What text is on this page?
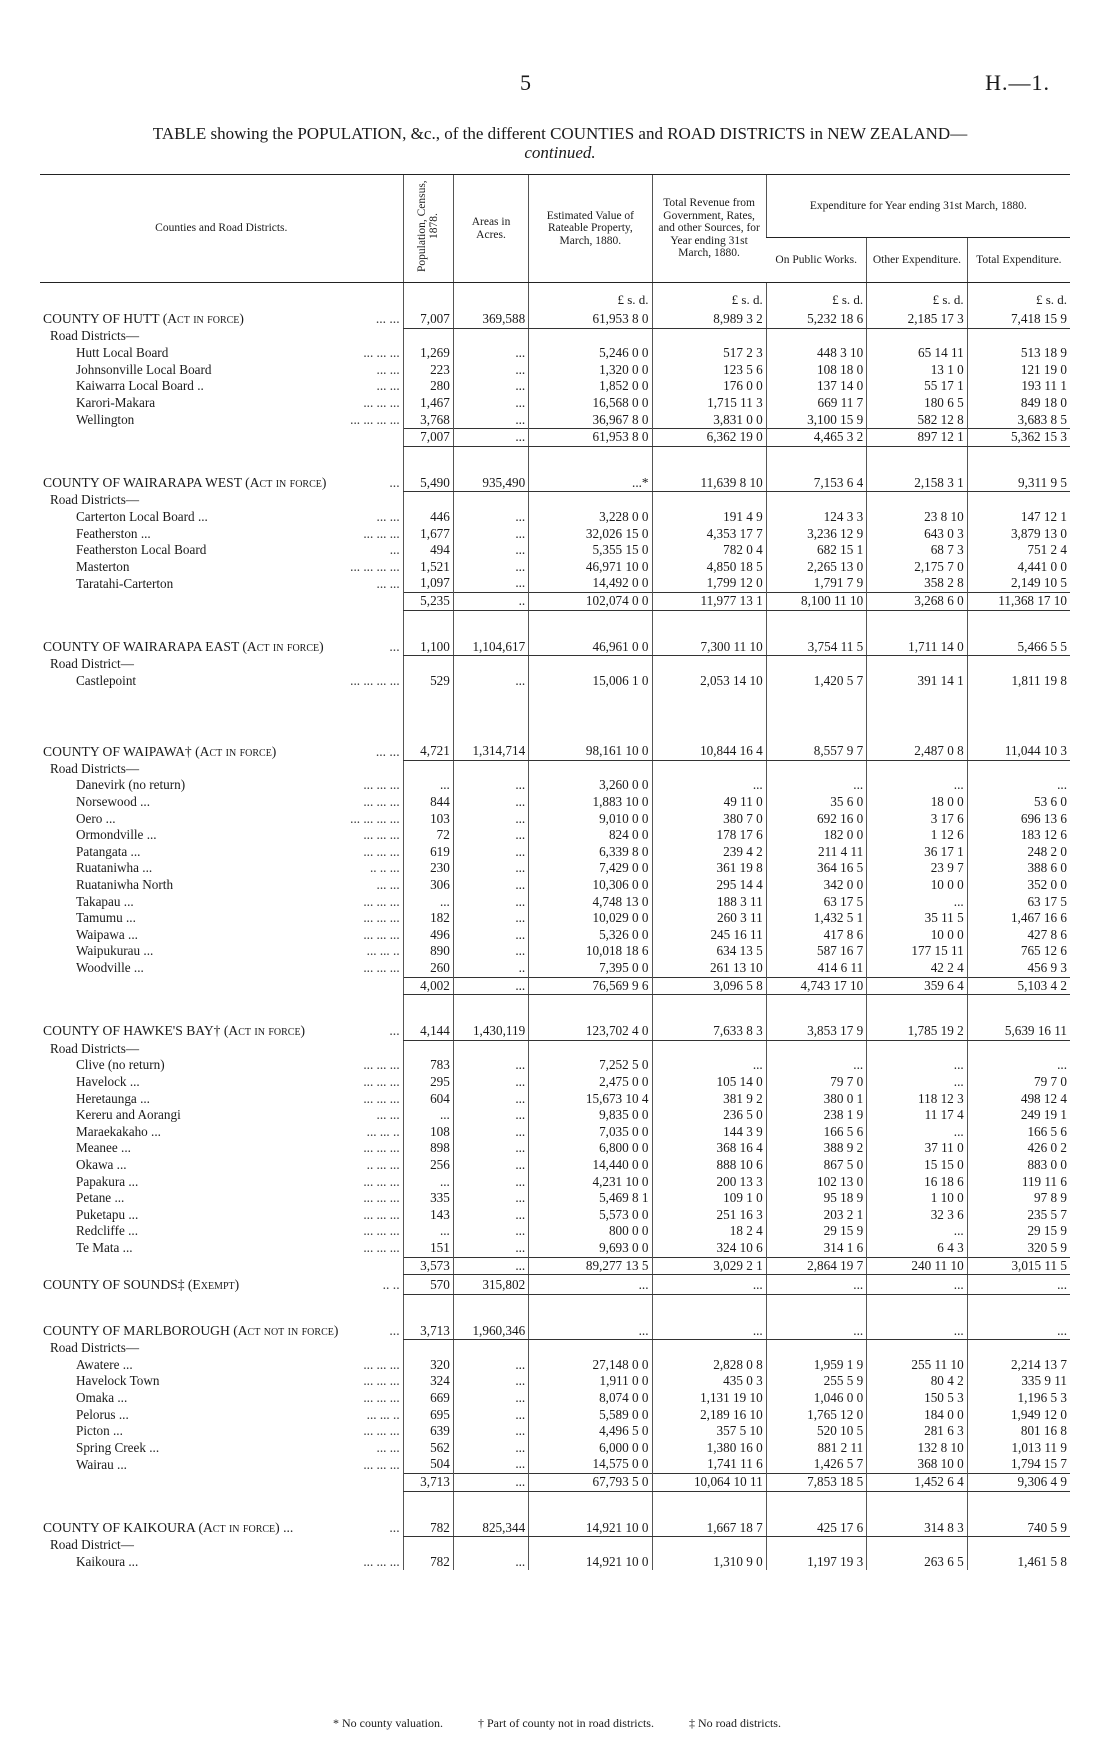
5	H.—1.
TABLE showing the POPULATION, &c., of the different COUNTIES and ROAD DISTRICTS in NEW ZEALAND—
continued.
Counties and Road Districts.	Population, Census, 1878.	Areas in Acres.	Estimated Value of Rateable Property, March, 1880.	Total Revenue from Government, Rates, and other Sources, for Year ending 31st March, 1880.	Expenditure for Year ending 31st March, 1880.		
					On Public Works.	Other Expenditure.	Total Expenditure.
			£ s. d.	£ s. d.	£ s. d.	£ s. d.	£ s. d.
COUNTY OF HUTT (Act in force) ... ...	7,007	369,588	61,953 8 0	8,989 3 2	5,232 18 6	2,185 17 3	7,418 15 9
Road Districts—							
Hutt Local Board ... ... ...	1,269	...	5,246 0 0	517 2 3	448 3 10	65 14 11	513 18 9
Johnsonville Local Board ... ...	223	...	1,320 0 0	123 5 6	108 18 0	13 1 0	121 19 0
Kaiwarra Local Board .. ... ...	280	...	1,852 0 0	176 0 0	137 14 0	55 17 1	193 11 1
Karori-Makara ... ... ...	1,467	...	16,568 0 0	1,715 11 3	669 11 7	180 6 5	849 18 0
Wellington ... ... ... ...	3,768	...	36,967 8 0	3,831 0 0	3,100 15 9	582 12 8	3,683 8 5
	7,007	...	61,953 8 0	6,362 19 0	4,465 3 2	897 12 1	5,362 15 3

COUNTY OF WAIRARAPA WEST (Act in force) ...	5,490	935,490	...*	11,639 8 10	7,153 6 4	2,158 3 1	9,311 9 5
Road Districts—							
Carterton Local Board ... ... ...	446	...	3,228 0 0	191 4 9	124 3 3	23 8 10	147 12 1
Featherston ... ... ... ...	1,677	...	32,026 15 0	4,353 17 7	3,236 12 9	643 0 3	3,879 13 0
Featherston Local Board ...	494	...	5,355 15 0	782 0 4	682 15 1	68 7 3	751 2 4
Masterton ... ... ... ...	1,521	...	46,971 10 0	4,850 18 5	2,265 13 0	2,175 7 0	4,441 0 0
Taratahi-Carterton ... ...	1,097	...	14,492 0 0	1,799 12 0	1,791 7 9	358 2 8	2,149 10 5
	5,235	..	102,074 0 0	11,977 13 1	8,100 11 10	3,268 6 0	11,368 17 10

COUNTY OF WAIRARAPA EAST (Act in force) ...	1,100	1,104,617	46,961 0 0	7,300 11 10	3,754 11 5	1,711 14 0	5,466 5 5
Road District—							
Castlepoint ... ... ... ...	529	...	15,006 1 0	2,053 14 10	1,420 5 7	391 14 1	1,811 19 8

COUNTY OF WAIPAWA† (Act in force) ... ...	4,721	1,314,714	98,161 10 0	10,844 16 4	8,557 9 7	2,487 0 8	11,044 10 3
Road Districts—							
Danevirk (no return) ... ... ...	...	...	3,260 0 0	...	...	...	...
Norsewood ... ... ... ...	844	...	1,883 10 0	49 11 0	35 6 0	18 0 0	53 6 0
Oero ... ... ... ... ...	103	...	9,010 0 0	380 7 0	692 16 0	3 17 6	696 13 6
Ormondville ... ... ... ...	72	...	824 0 0	178 17 6	182 0 0	1 12 6	183 12 6
Patangata ... ... ... ...	619	...	6,339 8 0	239 4 2	211 4 11	36 17 1	248 2 0
Ruataniwha ... .. .. ...	230	...	7,429 0 0	361 19 8	364 16 5	23 9 7	388 6 0
Ruataniwha North ... ...	306	...	10,306 0 0	295 14 4	342 0 0	10 0 0	352 0 0
Takapau ... ... ... ...	...	...	4,748 13 0	188 3 11	63 17 5	...	63 17 5
Tamumu ... ... ... ...	182	...	10,029 0 0	260 3 11	1,432 5 1	35 11 5	1,467 16 6
Waipawa ... ... ... ...	496	...	5,326 0 0	245 16 11	417 8 6	10 0 0	427 8 6
Waipukurau ... ... ... ..	890	...	10,018 18 6	634 13 5	587 16 7	177 15 11	765 12 6
Woodville ... ... ... ...	260	..	7,395 0 0	261 13 10	414 6 11	42 2 4	456 9 3
	4,002	...	76,569 9 6	3,096 5 8	4,743 17 10	359 6 4	5,103 4 2

COUNTY OF HAWKE'S BAY† (Act in force) ...	4,144	1,430,119	123,702 4 0	7,633 8 3	3,853 17 9	1,785 19 2	5,639 16 11
Road Districts—							
Clive (no return) ... ... ...	783	...	7,252 5 0	...	...	...	...
Havelock ... ... ... ...	295	...	2,475 0 0	105 14 0	79 7 0	...	79 7 0
Heretaunga ... ... ... ...	604	...	15,673 10 4	381 9 2	380 0 1	118 12 3	498 12 4
Kereru and Aorangi ... ...	...	...	9,835 0 0	236 5 0	238 1 9	11 17 4	249 19 1
Maraekakaho ... ... ... ..	108	...	7,035 0 0	144 3 9	166 5 6	...	166 5 6
Meanee ... ... ... ...	898	...	6,800 0 0	368 16 4	388 9 2	37 11 0	426 0 2
Okawa ... .. ... ...	256	...	14,440 0 0	888 10 6	867 5 0	15 15 0	883 0 0
Papakura ... ... ... ...	...	...	4,231 10 0	200 13 3	102 13 0	16 18 6	119 11 6
Petane ... ... ... ...	335	...	5,469 8 1	109 1 0	95 18 9	1 10 0	97 8 9
Puketapu ... ... ... ...	143	...	5,573 0 0	251 16 3	203 2 1	32 3 6	235 5 7
Redcliffe ... ... ... ...	...	...	800 0 0	18 2 4	29 15 9	...	29 15 9
Te Mata ... ... ... ...	151	...	9,693 0 0	324 10 6	314 1 6	6 4 3	320 5 9
	3,573	...	89,277 13 5	3,029 2 1	2,864 19 7	240 11 10	3,015 11 5
COUNTY OF SOUNDS‡ (Exempt) .. ..	570	315,802	...	...	...	...	...

COUNTY OF MARLBOROUGH (Act not in force) ...	3,713	1,960,346	...	...	...	...	...
Road Districts—							
Awatere ... ... ... ...	320	...	27,148 0 0	2,828 0 8	1,959 1 9	255 11 10	2,214 13 7
Havelock Town ... ... ...	324	...	1,911 0 0	435 0 3	255 5 9	80 4 2	335 9 11
Omaka ... ... ... ...	669	...	8,074 0 0	1,131 19 10	1,046 0 0	150 5 3	1,196 5 3
Pelorus ... ... ... ..	695	...	5,589 0 0	2,189 16 10	1,765 12 0	184 0 0	1,949 12 0
Picton ... ... ... ...	639	...	4,496 5 0	357 5 10	520 10 5	281 6 3	801 16 8
Spring Creek ... ... ...	562	...	6,000 0 0	1,380 16 0	881 2 11	132 8 10	1,013 11 9
Wairau ... ... ... ...	504	...	14,575 0 0	1,741 11 6	1,426 5 7	368 10 0	1,794 15 7
	3,713	...	67,793 5 0	10,064 10 11	7,853 18 5	1,452 6 4	9,306 4 9

COUNTY OF KAIKOURA (Act in force) ... ...	782	825,344	14,921 10 0	1,667 18 7	425 17 6	314 8 3	740 5 9
Road District—							
Kaikoura ... ... ... ...	782	...	14,921 10 0	1,310 9 0	1,197 19 3	263 6 5	1,461 5 8
* No county valuation.	† Part of county not in road districts.	‡ No road districts.
